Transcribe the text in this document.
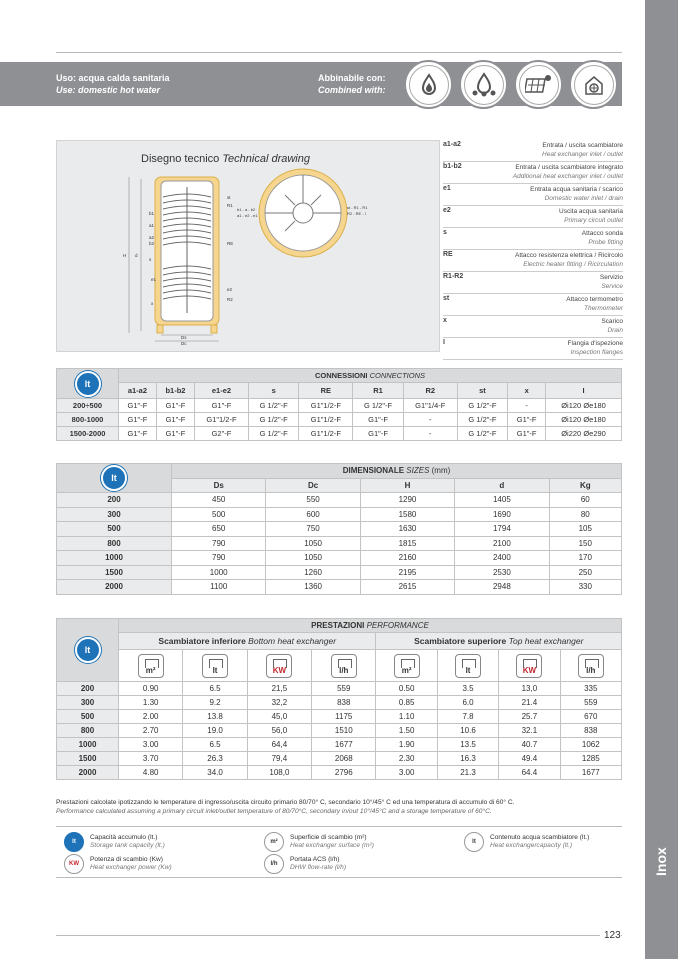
Uso: acqua calda sanitaria
Use: domestic hot water
Abbinabile con:
Combined with:
Disegno tecnico Technical drawing
b1
a1
a2
b2
e1
x
st
R1
RE
e2
R2
s
Dc
Ds
H d
b1 - a - b2
a1 - e2 - e1
st - R1 - R1
R2 - RE - I
a1-a2	Entrata / uscita scambiatore
Heat exchanger inlet / outlet
b1-b2	Entrata / uscita scambiatore integrato
Additional heat exchanger inlet / outlet
e1	Entrata acqua sanitaria / scarico
Domestic water inlet / drain
e2	Uscita acqua sanitaria
Primary circuit outlet
s	Attacco sonda
Probe fitting
RE	Attacco resistenza elettrica / Ricircolo
Electric heater fitting / Ricirculation
R1-R2	Servizio
Service
st	Attacco termometro
Thermometer
x	Scarico
Drain
I	Flangia d'ispezione
Inspection flanges
lt	CONNESSIONI CONNECTIONS									
	a1-a2	b1-b2	e1-e2	s	RE	R1	R2	st	x	I
200÷500	G1"-F	G1"-F	G1"-F	G 1/2"-F	G1"1/2-F	G 1/2"-F	G1"1/4-F	G 1/2"-F	-	Øi120 Øe180
800-1000	G1"-F	G1"-F	G1"1/2-F	G 1/2"-F	G1"1/2-F	G1"-F	-	G 1/2"-F	G1"-F	Øi120 Øe180
1500-2000	G1"-F	G1"-F	G2"-F	G 1/2"-F	G1"1/2-F	G1"-F	-	G 1/2"-F	G1"-F	Øi220 Øe290
lt	DIMENSIONALE SIZES (mm)				
	Ds	Dc	H	d	Kg
200	450	550	1290	1405	60
300	500	600	1580	1690	80
500	650	750	1630	1794	105
800	790	1050	1815	2100	150
1000	790	1050	2160	2400	170
1500	1000	1260	2195	2530	250
2000	1100	1360	2615	2948	330
lt	PRESTAZIONI PERFORMANCE							
	Scambiatore inferiore Bottom heat exchanger				Scambiatore superiore Top heat exchanger			
	m²	lt	KW	l/h	m²	lt	KW	l/h
200	0.90	6.5	21,5	559	0.50	3.5	13,0	335
300	1.30	9.2	32,2	838	0.85	6.0	21.4	559
500	2.00	13.8	45,0	1175	1.10	7.8	25.7	670
800	2.70	19.0	56,0	1510	1.50	10.6	32.1	838
1000	3.00	6.5	64,4	1677	1.90	13.5	40.7	1062
1500	3.70	26.3	79,4	2068	2.30	16.3	49.4	1285
2000	4.80	34.0	108,0	2796	3.00	21.3	64.4	1677
Prestazioni calcolate ipotizzando le temperature di ingresso/uscita circuito primario 80/70° C, secondario 10°/45° C ed una temperatura di accumulo di 60° C.
Performance calculated assuming a primary circuit inlet/outlet temperature of 80/70°C, secondary in/out 10°/45°C and a storage temperature of 60°C.
lt
Capacità accumulo (lt.)
Storage tank capacity (lt.)
KW
Potenza di scambio (Kw)
Heat exchanger power (Kw)
m²
Superficie di scambio (m²)
Heat exchanger surface (m²)
l/h
Portata ACS (l/h)
DHW flow-rate (l/h)
lt
Contenuto acqua scambiatore (lt.)
Heat exchangercapacity (lt.)
123
Inox
